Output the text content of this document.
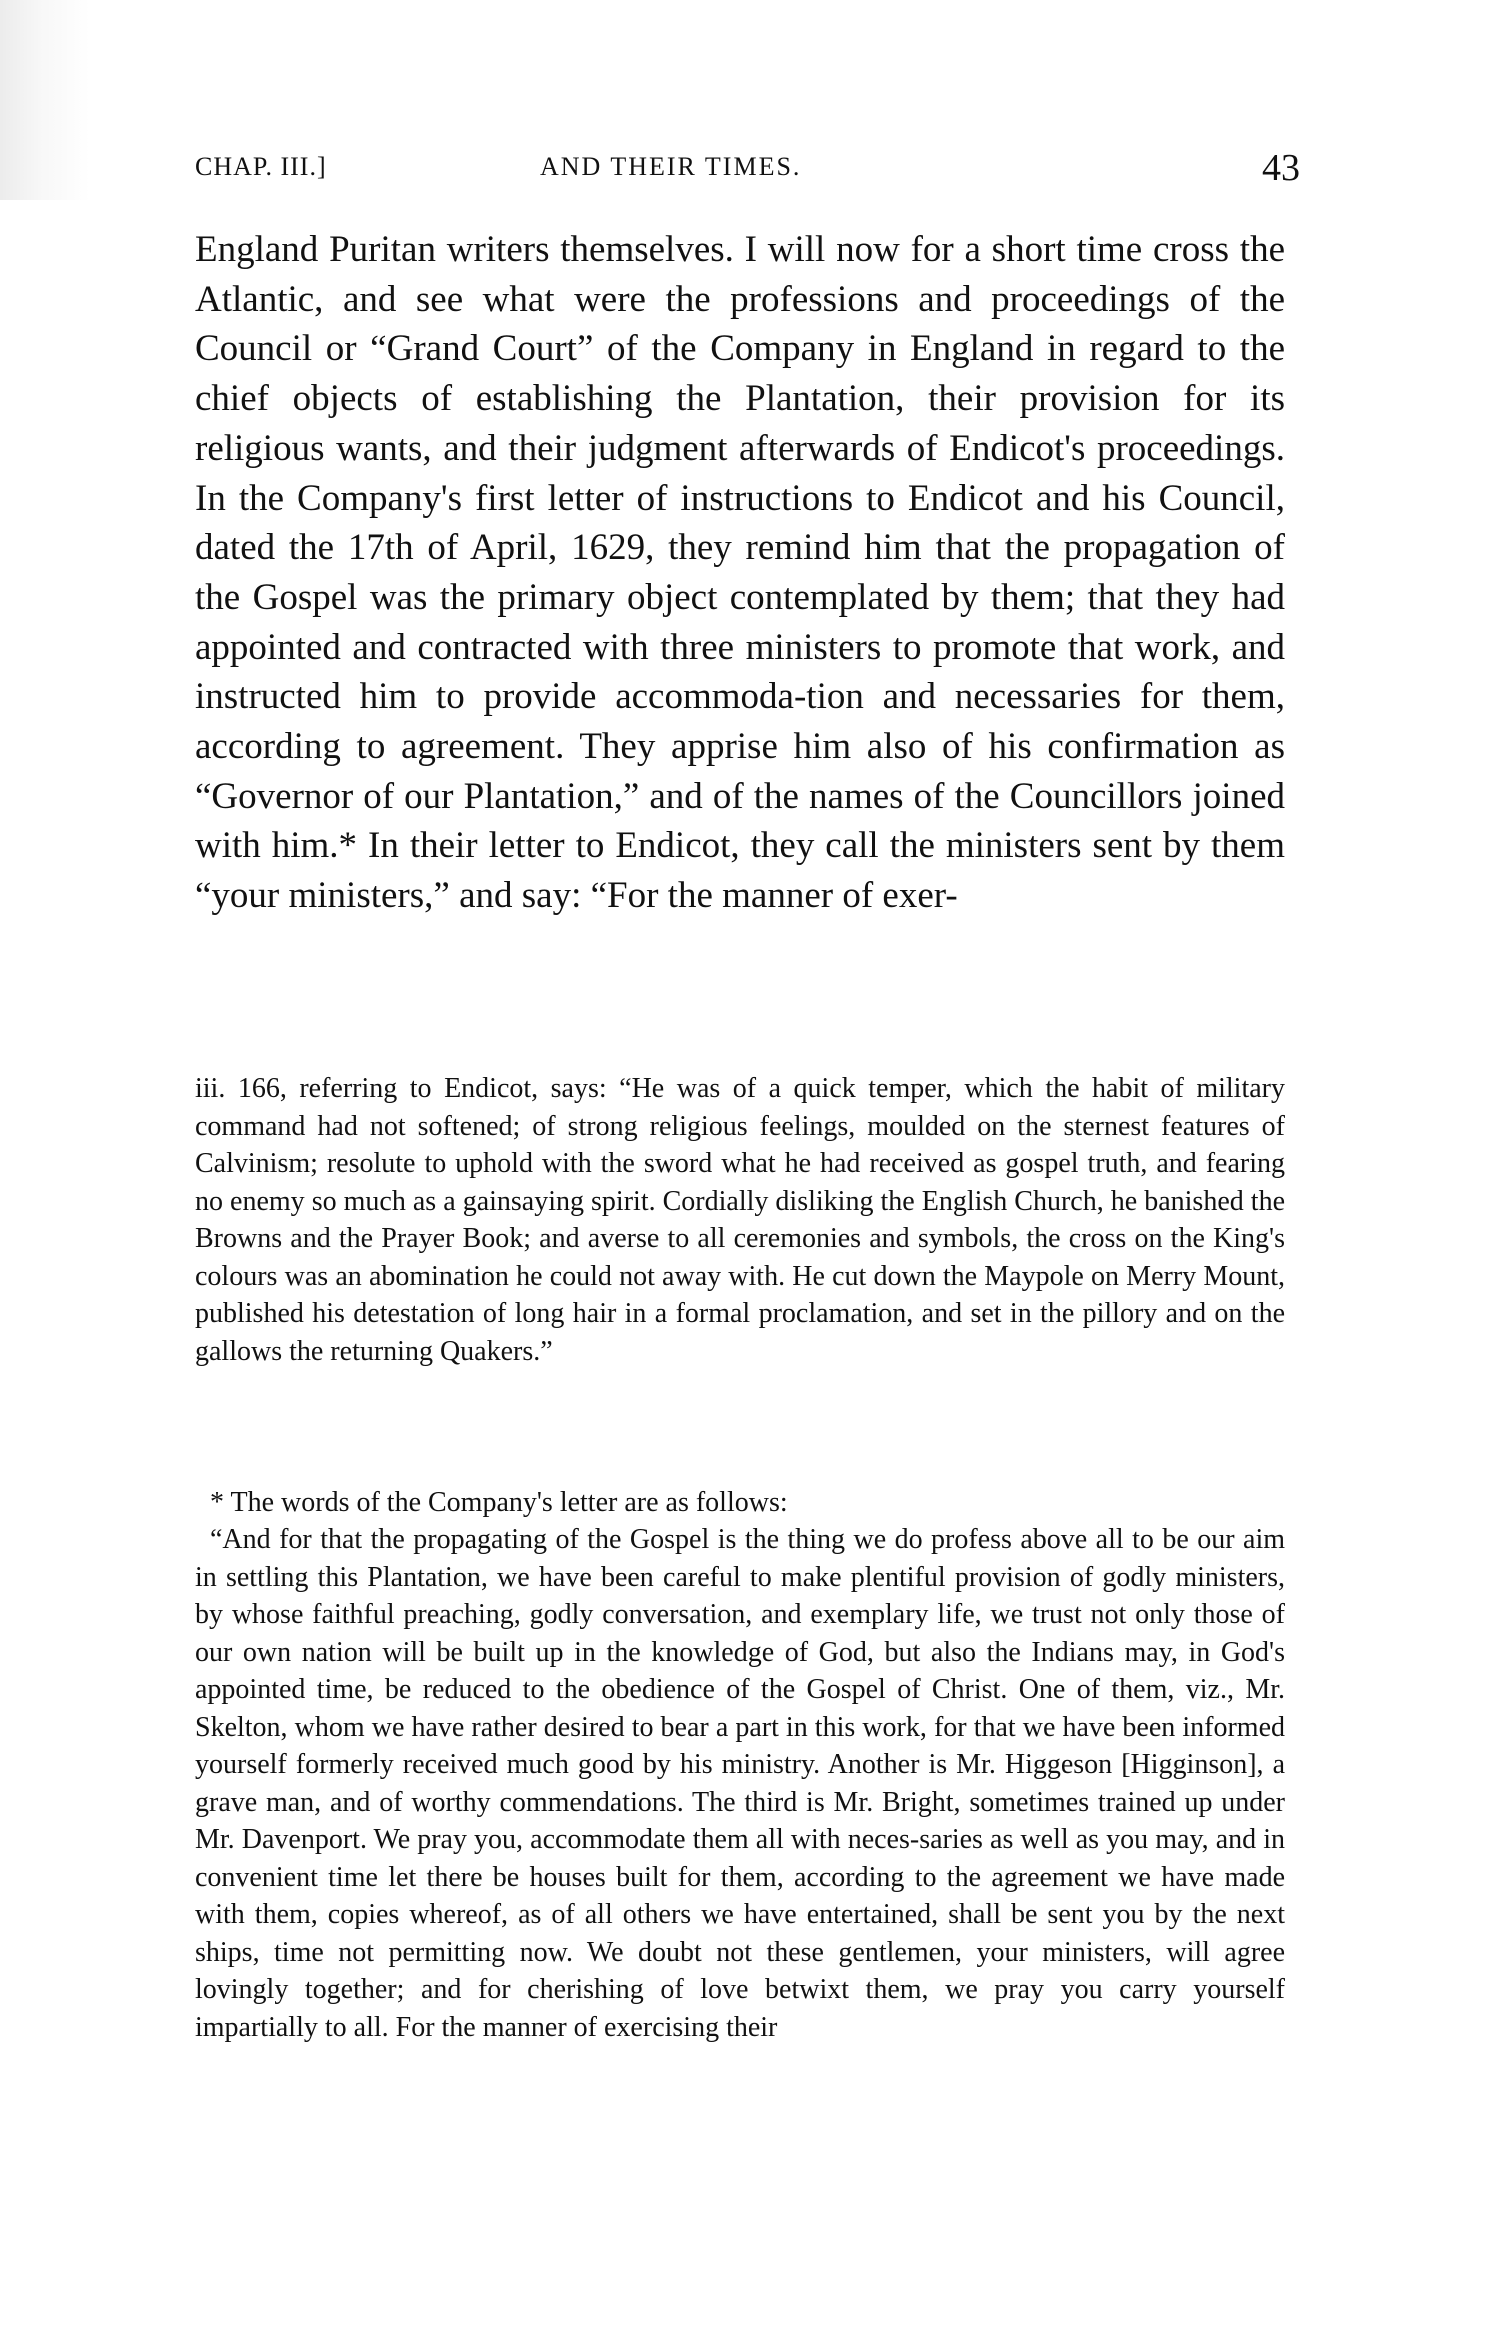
CHAP. III.]	AND THEIR TIMES.	43

England Puritan writers themselves. I will now for a short time cross the Atlantic, and see what were the professions and proceedings of the Council or “Grand Court” of the Company in England in regard to the chief objects of establishing the Plantation, their provision for its religious wants, and their judgment afterwards of Endicot's proceedings. In the Company's first letter of instructions to Endicot and his Council, dated the 17th of April, 1629, they remind him that the propagation of the Gospel was the primary object contemplated by them; that they had appointed and contracted with three ministers to promote that work, and instructed him to provide accommoda-tion and necessaries for them, according to agreement. They apprise him also of his confirmation as “Governor of our Plantation,” and of the names of the Councillors joined with him.* In their letter to Endicot, they call the ministers sent by them “your ministers,” and say: “For the manner of exer-

iii. 166, referring to Endicot, says: “He was of a quick temper, which the habit of military command had not softened; of strong religious feelings, moulded on the sternest features of Calvinism; resolute to uphold with the sword what he had received as gospel truth, and fearing no enemy so much as a gainsaying spirit. Cordially disliking the English Church, he banished the Browns and the Prayer Book; and averse to all ceremonies and symbols, the cross on the King's colours was an abomination he could not away with. He cut down the Maypole on Merry Mount, published his detestation of long hair in a formal proclamation, and set in the pillory and on the gallows the returning Quakers.”

* The words of the Company's letter are as follows:

“And for that the propagating of the Gospel is the thing we do profess above all to be our aim in settling this Plantation, we have been careful to make plentiful provision of godly ministers, by whose faithful preaching, godly conversation, and exemplary life, we trust not only those of our own nation will be built up in the knowledge of God, but also the Indians may, in God's appointed time, be reduced to the obedience of the Gospel of Christ. One of them, viz., Mr. Skelton, whom we have rather desired to bear a part in this work, for that we have been informed yourself formerly received much good by his ministry. Another is Mr. Higgeson [Higginson], a grave man, and of worthy commendations. The third is Mr. Bright, sometimes trained up under Mr. Davenport. We pray you, accommodate them all with neces-saries as well as you may, and in convenient time let there be houses built for them, according to the agreement we have made with them, copies whereof, as of all others we have entertained, shall be sent you by the next ships, time not permitting now. We doubt not these gentlemen, your ministers, will agree lovingly together; and for cherishing of love betwixt them, we pray you carry yourself impartially to all. For the manner of exercising their
